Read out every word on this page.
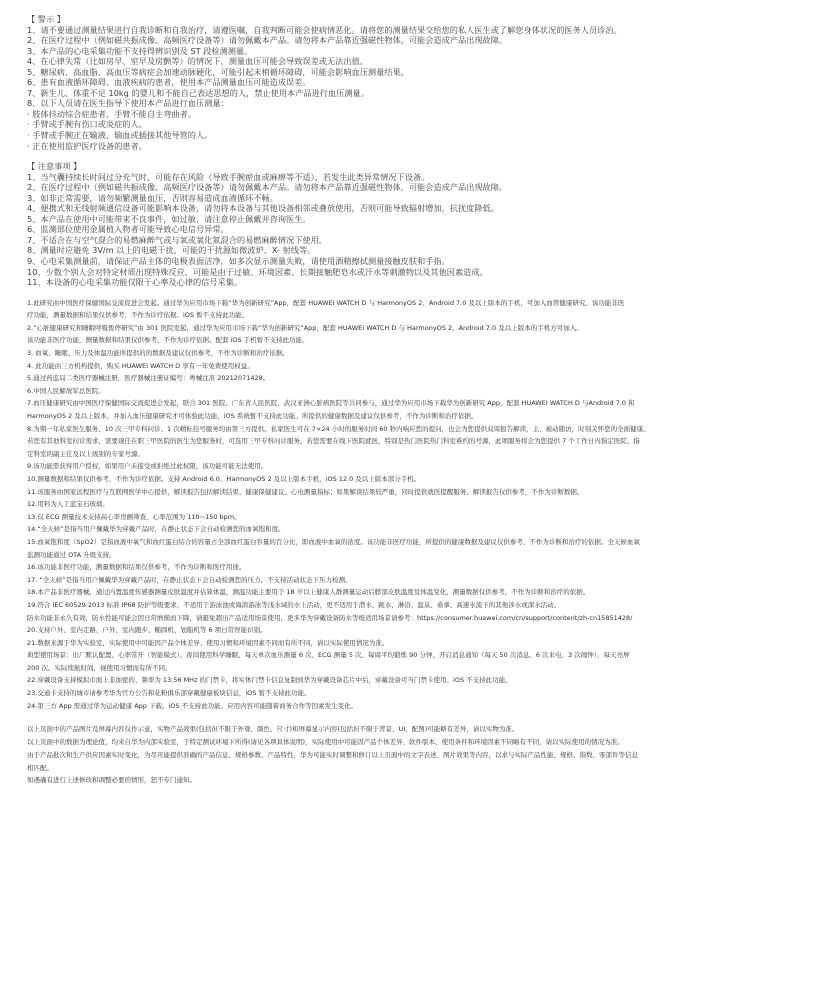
【 警示 】
1、请不要通过测量结果进行自我诊断和自我治疗，请遵医嘱，自我判断可能会使病情恶化。请将您的测量结果交给您的私人医生或了解您身体状况的医务人员诊治。
2、在医疗过程中（例如磁共振成像、高频医疗设备等）请勿佩戴本产品。请勿将本产品靠近强磁性物体，可能会造成产品出现故障。
3、本产品的心电采集功能不支持得辨识别及 ST 段检测测量。
4、在心律失常（比如房早、室早及房颤等）的情况下，测量血压可能会导致误差或无法出值。
5、糖尿病、高血脂、高血压等病症会加速动脉硬化，可能引起末梢循环障碍，可能会影响血压测量结果。
6、患有血液循环障碍、血液疾病的患者，使用本产品测量血压可能造成误差。
7、新生儿、体重不足 10kg 的婴儿和不能自己表达思想的人，禁止使用本产品进行血压测量。
8、以下人员请在医生指导下使用本产品进行血压测量：
· 肢体抖动综合症患者、手臂不能自主弯曲者。
· 手臂或手腕有伤口或炎症的人。
· 手臂或手腕正在输液、输血或插接其他导管的人。
· 正在使用监护医疗设备的患者。
【 注意事项 】
1、当气囊持续长时间过分充气时，可能存在风险（导致手腕瘀血或麻痹等不适），若发生此类异常情况下设备。
2、在医疗过程中（例如磁共振成像、高频医疗设备等）请勿佩戴本产品。请勿将本产品靠近强磁性物体，可能会造成产品出现故障。
3、如非正常需要，请勿频繁测量血压，否则容易造成血液循环不畅。
4、便携式和无线射频通信设备可能影响本设备，请勿将本设备与其他设备相邻或叠放使用，否则可能导致辐射增加，抗扰度降低。
5、本产品在使用中可能带来不良事件，如过敏，请注意停止佩戴并咨询医生。
6、监测部位使用金属植入物者可能导致心电信号异常。
7、不适合在与空气混合的易燃麻醉气或与氧或氧化氮混合的易燃麻醉情况下使用。
8、测量时应避免 3V/m 以上的电磁干扰，可能的干扰源如微波炉、X- 射线等。
9、心电采集测量前，请保证产品主体的电极表面洁净，如多次显示测量失败，请使用酒精擦拭测量接触皮肤和手指。
10、少数个别人会对特定材质出现特殊反应，可能是由于过敏、环境因素、长期接触肥皂水或汗水等刺激物以及其他因素造成。
11、本设备的心电采集功能仅限于心率及心律的信号采集。
1.此研究由中国医疗保健国际交流促进会发起。通过华为应用市场下载“华为创新研究”App，配套 HUAWEI WATCH D 与 HarmonyOS 2、Android 7.0 及以上版本的手机，可加入血管健康研究。该功能非医
疗功能，测量数据和结果仅供参考，不作为诊疗依据。iOS 暂不支持此功能。
2.“心脏健康研究和睡眠呼吸暂停研究”由 301 医院发起，通过华为应用市场下载“华为创新研究”App，配套 HUAWEI WATCH D 与 HarmonyOS 2、Android 7.0 及以上版本的手机方可加入。
该功能非医疗功能，测量数据和结果仅供参考，不作为诊疗依据。配套 iOS 手机暂不支持此功能。
3. 血氧、睡眠、压力及体温功能所提供的的数据及建议仅供参考，不作为诊断和治疗依据。
4. 此功能由三方机构提供，购买 HUAWEI WATCH D 享有一年免费使用权益。
5.通过药监局二类医疗器械注册，医疗器械注册证编号：粤械注准 20212071428。
6.中国人民解放军总医院。
7.血压健康研究由中国医疗保健国际交流促进会发起，联合 301 医院、广东省人民医院、武汉亚洲心脏病医院等共同参与，通过华为应用市场下载华为创新研究 App，配套 HUAWEI WATCH D 与Android 7.0 和
HarmonyOS 2 及以上版本，并加入血压健康研究才可体验此功能，iOS 系统暂不支持此功能。所提供的健康数据及建议仅供参考，不作为诊断和治疗依据。
8.为期一年私家医生服务、10 次三甲专科问诊、1 次精耘挂号服务均由第三方提供。私家医生可在 7×24 小时的服务时间 60 秒内响应您的提问，也会为您提供双周报告解读，主、被动随访，时刻关怀您的全面健康。
若您有其他科室问诊需求，需要现任在职三甲医院的医生为您服务时，可选用三甲专科问诊服务。若您需要在线下医院就医，特别是热门医院热门科室难约的号源，此项服务将会为您提供 7 个工作日内指定医院、指
定科室的副主任及以上级别的专家号源。
9.该功能需获得用户授权，如果用户未接受或拒绝过此权限，该功能可能无法使用。
10.测量数据和结果仅供参考，不作为诊疗依据。支持 Android 6.0、HarmonyOS 2 及以上版本手机，iOS 12.0 及以上版本部分手机。
11.该服务由国家远程医疗与互联网医学中心提供，解读报告包括解读结果、健康保健建议、心电测量指标；如果解读结果较严重，同时提供就医提醒服务。解读报告仅供参考，不作为诊断数据。
12.用料为人工蓝宝石玻璃。
13.仅 ECG 测量技术支持高心率房颤筛查，心率范围为 110~150 bpm。
14.“全天候”是指当用户佩戴华为穿戴产品时，在静止状态下会自动检测您的血氧饱和度。
15.血氧饱和度（SpO2）是指血液中氧气和血红蛋白结合的容量占全部血红蛋白容量的百分比，即血液中血氧的浓度。该功能非医疗功能，所提供的健康数据及建议仅供参考，不作为诊断和治疗的依据。全天候血氧
监测功能通过 OTA 升级支持。
16.该功能非医疗功能，测量数据和结果仅供参考，不作为诊断和医疗用途。
17. “全天候”是指当用户佩戴华为穿戴产品时，在静止状态下会自动检测您的压力。不支持活动状态下压力检测。
18.本产品非医疗器械，通过内置温度传感器测量皮肤温度并估算体温，测温功能主要用于 18 岁以上健康人群测量运动后脖部皮肤温度及体温变化，测量数据仅供参考，不作为诊断和治疗的依据。
19.符合 IEC 60529:2013 标准 IP68 防护等级要求，不适用于游泳池或海滨游泳等浅水域的水上活动，更不适用于潜水、跳水、淋浴、温泉、桑拿、高速水流下的其他涉水或深水活动。
防水功能非永久有效，防水性能可能会因日常磨损而下降，请避免超出产品适用场景使用，更多华为穿戴设备防水等级适用场景请参考：https://consumer.huawei.com/cn/support/content/zh-cn15851428/
20.支持户外、室内走路、户外、室内跑步、椭圆机、划船机等 6 项日常智能识别。
21.数据来源于华为实验室，实际使用中可能因产品个体差异、使用习惯和环境因素不同而有所不同，请以实际使用情况为准。
典型使用场景：出厂默认配置、心率常开（智能模式）、夜间使用科学睡眠、每天单次血压测量 6 次、ECG 测量 5 次、每周平均锻炼 90 分钟、开启消息通知（每天 50 次消息、6 次来电、3 次闹钟），每天亮屏
200 次。实际续航时间，视使用习惯而有所不同。
22.穿戴设备支持模拟市面上非加密的、频率为 13.56 MHz 的门禁卡，将实体门禁卡信息复制到华为穿戴设备芯片中后，穿戴设备可当门禁卡使用。iOS 不支持此功能。
23.交通卡支持的城市请参考华为官方公告和花粉俱乐部穿戴健康板块信息，iOS 暂不支持此功能。
24.第三方 App 需通过华为运动健康 App 下载。iOS 不支持此功能。应用内容可能随着商务合作等因素发生变化。
以上页面中的产品图片及屏幕内容仅作示意，实物产品效果(包括但不限于外观、颜色、尺寸)和屏幕显示内容(包括但不限于背景、UI、配图)可能略有差异，请以实物为准。
以上页面中的数据为理论值，均来自华为内部实验室，于特定测试环境下所得(请见各项具体说明)，实际使用中可能因产品个体差异、软件版本、使用条件和环境因素不同略有不同，请以实际使用的情况为准。
由于产品批次和生产供应因素实时变化，为尽可能提供准确的产品信息、规格参数、产品特性，华为可能实时调整和修订以上页面中的文字表述、图片效果等内容，以求与实际产品性能、规格、指数、零部件等信息
相匹配。
如遇确有进行上述修改和调整必要的情形，恕不专门通知。
